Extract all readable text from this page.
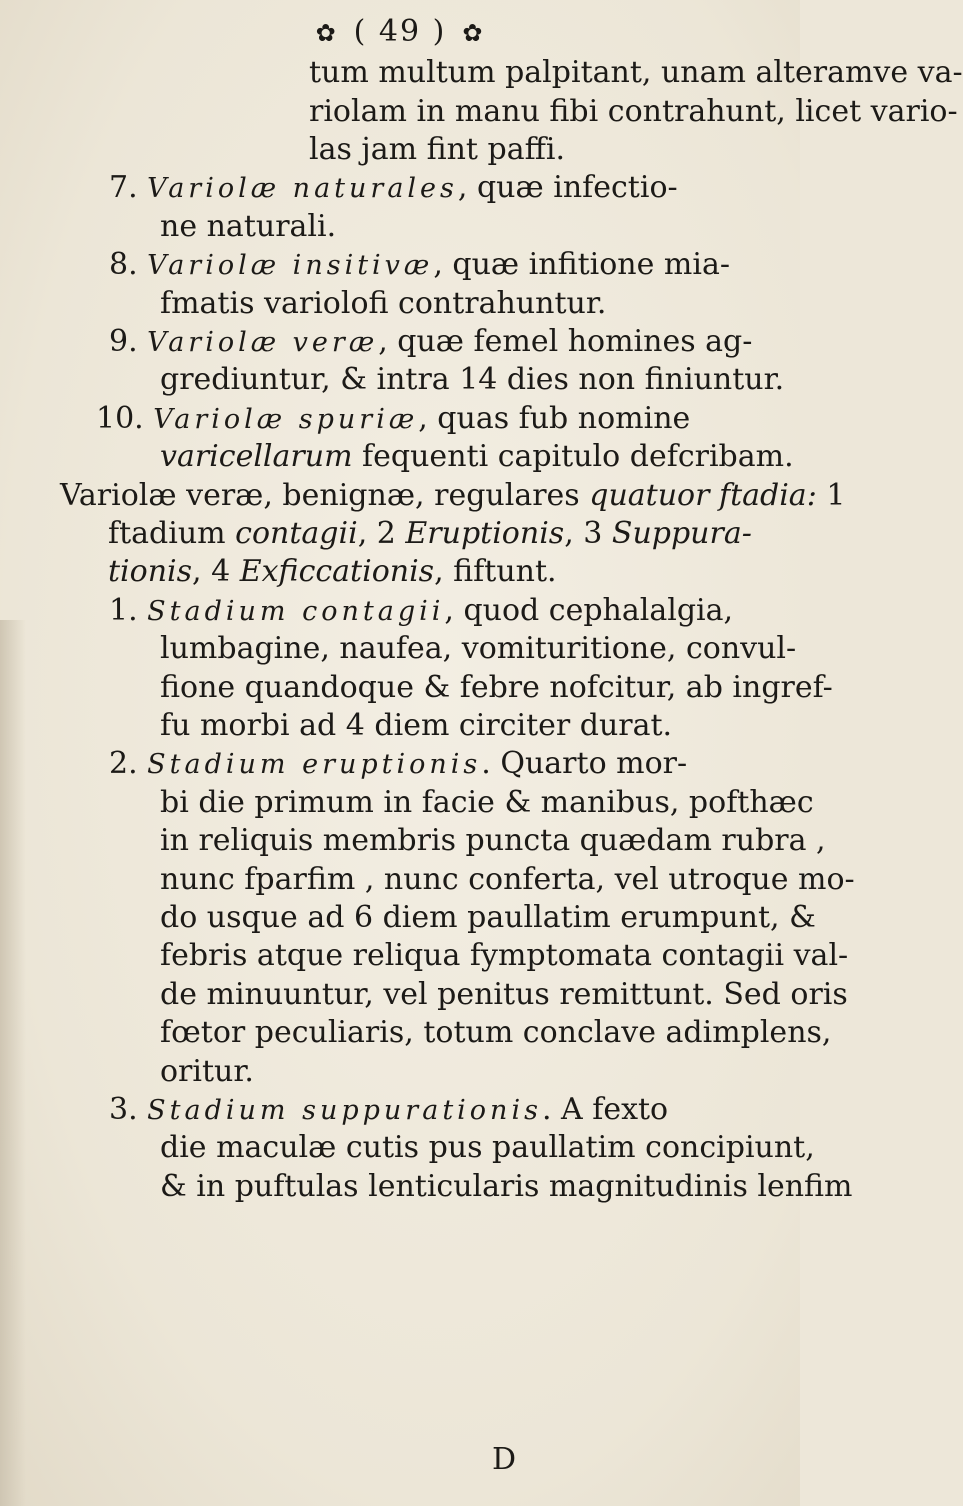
✿ ( 49 ) ✿
tum multum palpitant, unam alteramve va-
riolam in manu fibi contrahunt, licet vario-
las jam fint paffi.
7. Variolæ naturales, quæ infectio-
ne naturali.
8. Variolæ insitivæ, quæ infitione mia-
fmatis variolofi contrahuntur.
9. Variolæ veræ, quæ femel homines ag-
grediuntur, & intra 14 dies non finiuntur.
10. Variolæ spuriæ, quas fub nomine
varicellarum fequenti capitulo defcribam.
Variolæ veræ, benignæ, regulares quatuor ftadia: 1
ftadium contagii, 2 Eruptionis, 3 Suppura-
tionis, 4 Exficcationis, fiftunt.
1. Stadium contagii, quod cephalalgia,
lumbagine, naufea, vomituritione, convul-
fione quandoque & febre nofcitur, ab ingref-
fu morbi ad 4 diem circiter durat.
2. Stadium eruptionis. Quarto mor-
bi die primum in facie & manibus, pofthæc
in reliquis membris puncta quædam rubra ,
nunc fparfim , nunc conferta, vel utroque mo-
do usque ad 6 diem paullatim erumpunt, &
febris atque reliqua fymptomata contagii val-
de minuuntur, vel penitus remittunt. Sed oris
fœtor peculiaris, totum conclave adimplens,
oritur.
3. Stadium suppurationis. A fexto
die maculæ cutis pus paullatim concipiunt,
& in puftulas lenticularis magnitudinis lenfim
D
